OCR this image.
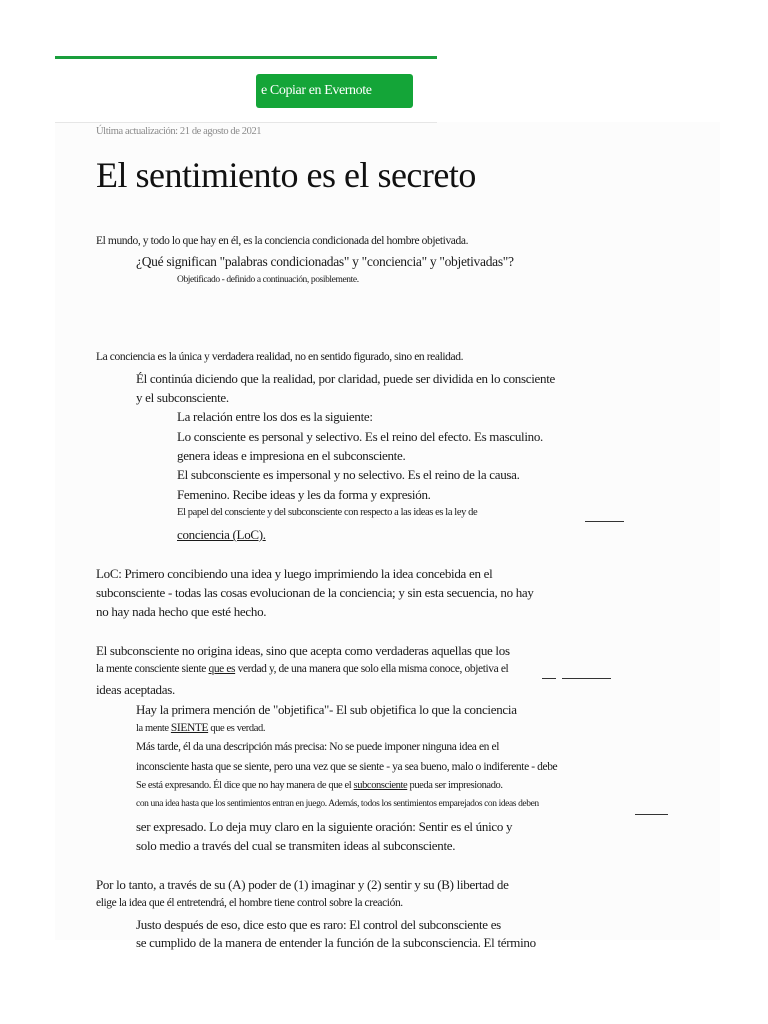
e Copiar en Evernote
Última actualización: 21 de agosto de 2021
El sentimiento es el secreto
El mundo, y todo lo que hay en él, es la conciencia condicionada del hombre objetivada.
¿Qué significan "palabras condicionadas" y "conciencia" y "objetivadas"?
Objetificado - definido a continuación, posiblemente.
La conciencia es la única y verdadera realidad, no en sentido figurado, sino en realidad.
Él continúa diciendo que la realidad, por claridad, puede ser dividida en lo consciente
y el subconsciente.
La relación entre los dos es la siguiente:
Lo consciente es personal y selectivo. Es el reino del efecto. Es masculino.
genera ideas e impresiona en el subconsciente.
El subconsciente es impersonal y no selectivo. Es el reino de la causa.
Femenino. Recibe ideas y les da forma y expresión.
El papel del consciente y del subconsciente con respecto a las ideas es la ley de
conciencia (LoC).
LoC: Primero concibiendo una idea y luego imprimiendo la idea concebida en el
subconsciente - todas las cosas evolucionan de la conciencia; y sin esta secuencia, no hay
no hay nada hecho que esté hecho.
El subconsciente no origina ideas, sino que acepta como verdaderas aquellas que los
la mente consciente siente que es verdad y, de una manera que solo ella misma conoce, objetiva el
ideas aceptadas.
Hay la primera mención de "objetifica"- El sub objetifica lo que la conciencia
la mente SIENTE que es verdad.
Más tarde, él da una descripción más precisa: No se puede imponer ninguna idea en el
inconsciente hasta que se siente, pero una vez que se siente - ya sea bueno, malo o indiferente - debe
Se está expresando. Él dice que no hay manera de que el subconsciente pueda ser impresionado.
con una idea hasta que los sentimientos entran en juego. Además, todos los sentimientos emparejados con ideas deben
ser expresado. Lo deja muy claro en la siguiente oración: Sentir es el único y
solo medio a través del cual se transmiten ideas al subconsciente.
Por lo tanto, a través de su (A) poder de (1) imaginar y (2) sentir y su (B) libertad de
elige la idea que él entretendrá, el hombre tiene control sobre la creación.
Justo después de eso, dice esto que es raro: El control del subconsciente es
se cumplido de la manera de entender la función de la subconsciencia. El término
